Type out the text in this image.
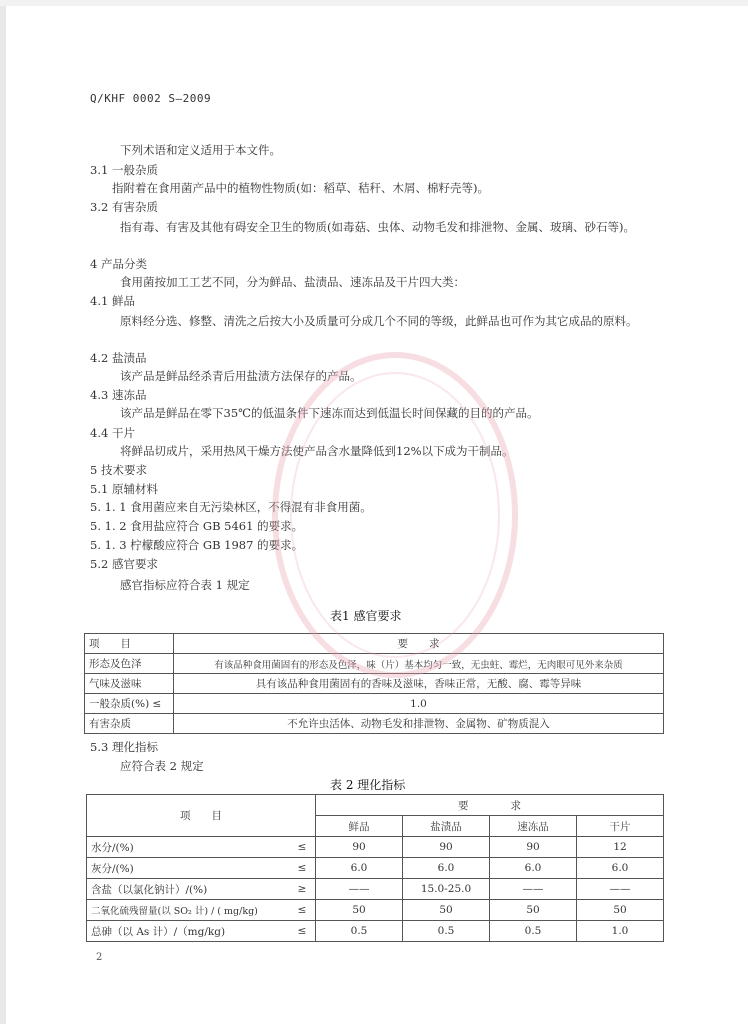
Q/KHF 0002 S—2009
下列术语和定义适用于本文件。
3.1 一般杂质
指附着在食用菌产品中的植物性物质(如：稻草、秸秆、木屑、棉籽壳等)。
3.2 有害杂质
指有毒、有害及其他有碍安全卫生的物质(如毒菇、虫体、动物毛发和排泄物、金属、玻璃、砂石等)。
4 产品分类
食用菌按加工工艺不同，分为鲜品、盐渍品、速冻品及干片四大类：
4.1 鲜品
原料经分选、修整、清洗之后按大小及质量可分成几个不同的等级，此鲜品也可作为其它成品的原料。
4.2 盐渍品
该产品是鲜品经杀青后用盐渍方法保存的产品。
4.3 速冻品
该产品是鲜品在零下35℃的低温条件下速冻而达到低温长时间保藏的目的的产品。
4.4 干片
将鲜品切成片，采用热风干燥方法使产品含水量降低到12%以下成为干制品。
5 技术要求
5.1 原辅材料
5. 1. 1 食用菌应来自无污染林区，不得混有非食用菌。
5. 1. 2 食用盐应符合 GB 5461 的要求。
5. 1. 3 柠檬酸应符合 GB 1987 的要求。
5.2 感官要求
感官指标应符合表 1 规定
表1 感官要求
项　　目	要　　求
形态及色泽	有该品种食用菌固有的形态及色泽，味（片）基本均匀一致，无虫蛀、霉烂，无肉眼可见外来杂质
气味及滋味	具有该品种食用菌固有的香味及滋味，香味正常，无酸、腐、霉等异味
一般杂质(%) ≤	1.0
有害杂质	不允许虫活体、动物毛发和排泄物、金属物、矿物质混入
5.3 理化指标
应符合表 2 规定
表 2 理化指标
项　　目		要　　　　求			
		鲜品	盐渍品	速冻品	干片
水分/(%)	≤	90	90	90	12
灰分/(%)	≤	6.0	6.0	6.0	6.0
含盐（以氯化钠计）/(%)	≥	——	15.0-25.0	——	——
二氧化硫残留量(以 SO₂ 计) / ( mg/kg)	≤	50	50	50	50
总砷（以 As 计）/（mg/kg)	≤	0.5	0.5	0.5	1.0
2
